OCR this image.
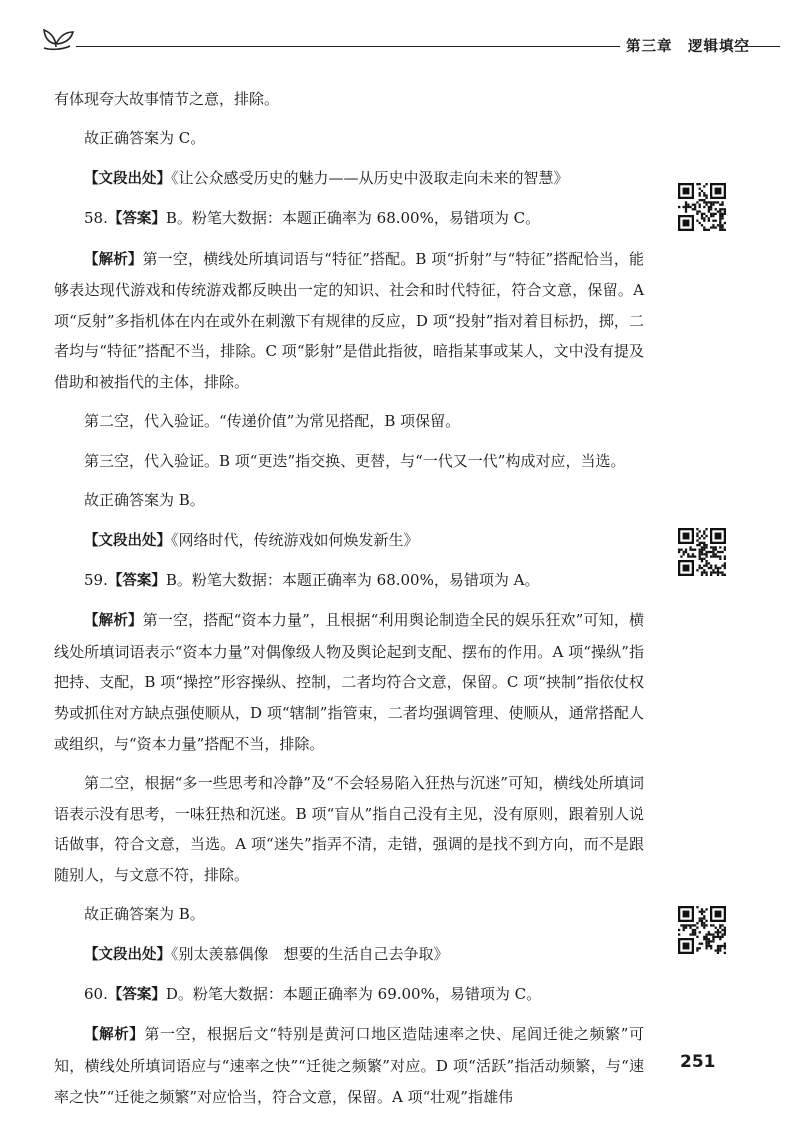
第三章　逻辑填空

有体现夸大故事情节之意，排除。

故正确答案为 C。

【文段出处】《让公众感受历史的魅力——从历史中汲取走向未来的智慧》

58.【答案】B。粉笔大数据：本题正确率为 68.00%，易错项为 C。

【解析】第一空，横线处所填词语与“特征”搭配。B 项“折射”与“特征”搭配恰当，能够表达现代游戏和传统游戏都反映出一定的知识、社会和时代特征，符合文意，保留。A 项“反射”多指机体在内在或外在刺激下有规律的反应，D 项“投射”指对着目标扔，掷，二者均与“特征”搭配不当，排除。C 项“影射”是借此指彼，暗指某事或某人，文中没有提及借助和被指代的主体，排除。

第二空，代入验证。“传递价值”为常见搭配，B 项保留。

第三空，代入验证。B 项“更迭”指交换、更替，与“一代又一代”构成对应，当选。

故正确答案为 B。

【文段出处】《网络时代，传统游戏如何焕发新生》

59.【答案】B。粉笔大数据：本题正确率为 68.00%，易错项为 A。

【解析】第一空，搭配“资本力量”，且根据“利用舆论制造全民的娱乐狂欢”可知，横线处所填词语表示“资本力量”对偶像级人物及舆论起到支配、摆布的作用。A 项“操纵”指把持、支配，B 项“操控”形容操纵、控制，二者均符合文意，保留。C 项“挟制”指依仗权势或抓住对方缺点强使顺从，D 项“辖制”指管束，二者均强调管理、使顺从，通常搭配人或组织，与“资本力量”搭配不当，排除。

第二空，根据“多一些思考和冷静”及“不会轻易陷入狂热与沉迷”可知，横线处所填词语表示没有思考，一味狂热和沉迷。B 项“盲从”指自己没有主见，没有原则，跟着别人说话做事，符合文意，当选。A 项“迷失”指弄不清，走错，强调的是找不到方向，而不是跟随别人，与文意不符，排除。

故正确答案为 B。

【文段出处】《别太羡慕偶像　想要的生活自己去争取》

60.【答案】D。粉笔大数据：本题正确率为 69.00%，易错项为 C。

【解析】第一空，根据后文“特别是黄河口地区造陆速率之快、尾闾迁徙之频繁”可知，横线处所填词语应与“速率之快”“迁徙之频繁”对应。D 项“活跃”指活动频繁，与“速率之快”“迁徙之频繁”对应恰当，符合文意，保留。A 项“壮观”指雄伟

251
